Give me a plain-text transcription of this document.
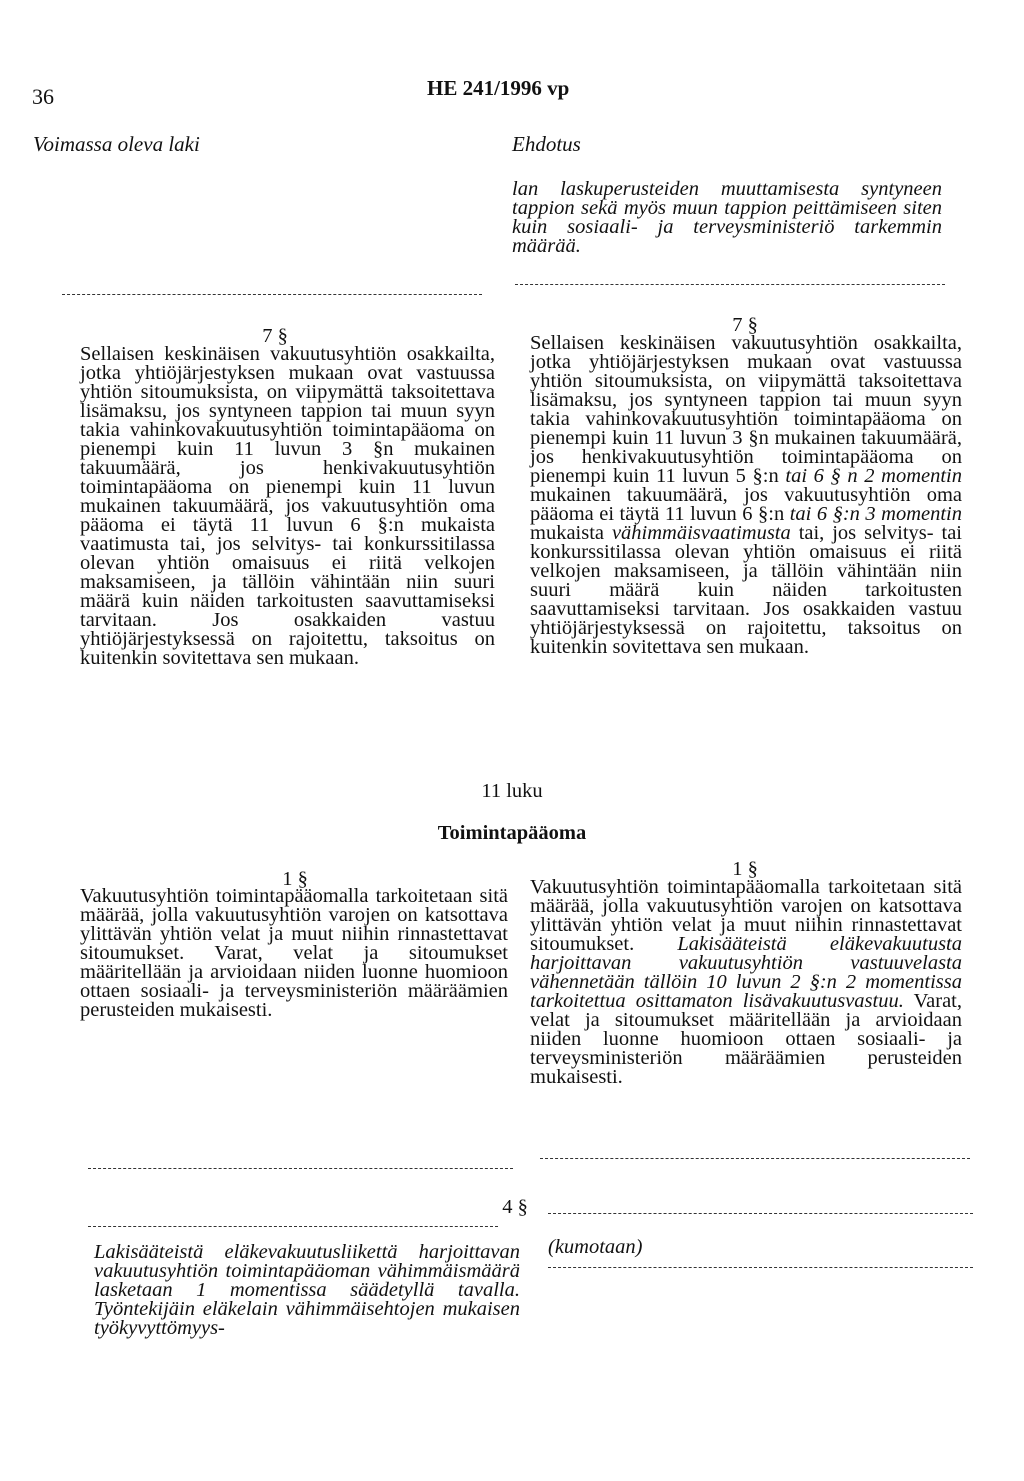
36	HE 241/1996 vp
Voimassa oleva laki	Ehdotus

lan laskuperusteiden muuttamisesta syntyneen tappion sekä myös muun tappion peittämiseen siten kuin sosiaali- ja terveysministeriö tarkemmin määrää.

7 §

Sellaisen keskinäisen vakuutusyhtiön osakkailta, jotka yhtiöjärjestyksen mukaan ovat vastuussa yhtiön sitoumuksista, on viipymättä taksoitettava lisämaksu, jos syntyneen tappion tai muun syyn takia vahinkovakuutusyhtiön toimintapääoma on pienempi kuin 11 luvun 3 §n mukainen takuumäärä, jos henkivakuutusyhtiön toimintapääoma on pienempi kuin 11 luvun mukainen takuumäärä, jos vakuutusyhtiön oma pääoma ei täytä 11 luvun 6 §:n mukaista vaatimusta tai, jos selvitys- tai konkurssitilassa olevan yhtiön omaisuus ei riitä velkojen maksamiseen, ja tällöin vähintään niin suuri määrä kuin näiden tarkoitusten saavuttamiseksi tarvitaan. Jos osakkaiden vastuu yhtiöjärjestyksessä on rajoitettu, taksoitus on kuitenkin sovitettava sen mukaan.

7 §

Sellaisen keskinäisen vakuutusyhtiön osakkailta, jotka yhtiöjärjestyksen mukaan ovat vastuussa yhtiön sitoumuksista, on viipymättä taksoitettava lisämaksu, jos syntyneen tappion tai muun syyn takia vahinkovakuutusyhtiön toimintapääoma on pienempi kuin 11 luvun 3 §n mukainen takuumäärä, jos henkivakuutusyhtiön toimintapääoma on pienempi kuin 11 luvun 5 §:n tai 6 § n 2 momentin mukainen takuumäärä, jos vakuutusyhtiön oma pääoma ei täytä 11 luvun 6 §:n tai 6 §:n 3 momentin mukaista vähimmäisvaatimusta tai, jos selvitys- tai konkurssitilassa olevan yhtiön omaisuus ei riitä velkojen maksamiseen, ja tällöin vähintään niin suuri määrä kuin näiden tarkoitusten saavuttamiseksi tarvitaan. Jos osakkaiden vastuu yhtiöjärjestyksessä on rajoitettu, taksoitus on kuitenkin sovitettava sen mukaan.

11 luku
Toimintapääoma
1 §

Vakuutusyhtiön toimintapääomalla tarkoitetaan sitä määrää, jolla vakuutusyhtiön varojen on katsottava ylittävän yhtiön velat ja muut niihin rinnastettavat sitoumukset. Varat, velat ja sitoumukset määritellään ja arvioidaan niiden luonne huomioon ottaen sosiaali- ja terveysministeriön määräämien perusteiden mukaisesti.

1 §

Vakuutusyhtiön toimintapääomalla tarkoitetaan sitä määrää, jolla vakuutusyhtiön varojen on katsottava ylittävän yhtiön velat ja muut niihin rinnastettavat sitoumukset. Lakisääteistä eläkevakuutusta harjoittavan vakuutusyhtiön vastuuvelasta vähennetään tällöin 10 luvun 2 §:n 2 momentissa tarkoitettua osittamaton lisävakuutusvastuu. Varat, velat ja sitoumukset määritellään ja arvioidaan niiden luonne huomioon ottaen sosiaali- ja terveysministeriön määräämien perusteiden mukaisesti.

4 §

Lakisääteistä eläkevakuutusliikettä harjoittavan vakuutusyhtiön toimintapääoman vähimmäismäärä lasketaan 1 momentissa säädetyllä tavalla. Työntekijäin eläkelain vähimmäisehtojen mukaisen työkyvyttömyys-

(kumotaan)
